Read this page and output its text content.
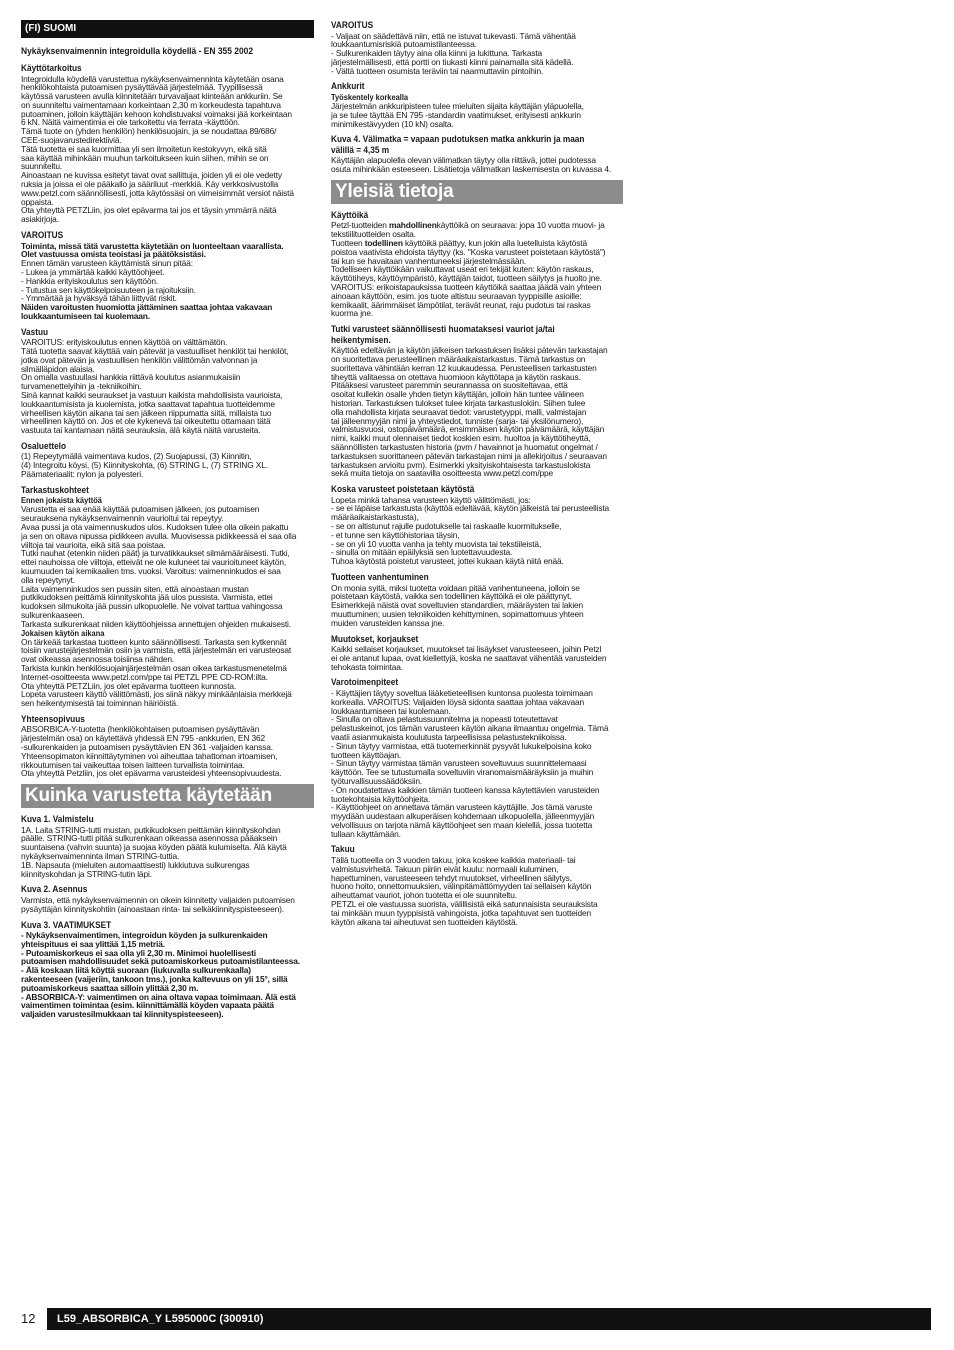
(FI) SUOMI
Nykäyksenvaimennin integroidulla köydellä - EN 355 2002
Käyttötarkoitus

Integroidulla köydellä varustettua nykäyksenvaimenninta käytetään osana
henkilökohtaista putoamisen pysäyttävää järjestelmää. Tyypillisessä
käytössä varusteen avulla kiinnitetään turvavaljaat kiinteään ankkuriin. Se
on suunniteltu vaimentamaan korkeintaan 2,30 m korkeudesta tapahtuva
putoaminen, jolloin käyttäjän kehoon kohdistuvaksi voimaksi jää korkeintaan
6 kN. Näitä vaimentimia ei ole tarkoitettu via ferrata -käyttöön.
Tämä tuote on (yhden henkilön) henkilösuojain, ja se noudattaa 89/686/
CEE-suojavarustedirektiiviä.
Tätä tuotetta ei saa kuormittaa yli sen ilmoitetun kestokyvyn, eikä sitä
saa käyttää mihinkään muuhun tarkoitukseen kuin siihen, mihin se on
suunniteltu.
Ainoastaan ne kuvissa esitetyt tavat ovat sallittuja, joiden yli ei ole vedetty
ruksia ja joissa ei ole pääkallo ja sääriluut -merkkiä. Käy verkkosivustolla
www.petzl.com säännöllisesti, jotta käytössäsi on viimeisimmät versiot näistä
oppaista.
Ota yhteyttä PETZLiin, jos olet epävarma tai jos et täysin ymmärrä näitä
asiakirjoja.

VAROITUS

Toiminta, missä tätä varustetta käytetään on luonteeltaan vaarallista.
Olet vastuussa omista teoistasi ja päätöksistäsi.

Ennen tämän varusteen käyttämistä sinun pitää:
- Lukea ja ymmärtää kaikki käyttöohjeet.
- Hankkia erityiskoulutus sen käyttöön.
- Tutustua sen käyttökelpoisuuteen ja rajoituksiin.
- Ymmärtää ja hyväksyä tähän liittyvät riskit.

Näiden varoitusten huomiotta jättäminen saattaa johtaa vakavaan
loukkaantumiseen tai kuolemaan.

Vastuu

VAROITUS: erityiskoulutus ennen käyttöä on välttämätön.
Tätä tuotetta saavat käyttää vain pätevät ja vastuulliset henkilöt tai henkilöt,
jotka ovat pätevän ja vastuullisen henkilön välittömän valvonnan ja
silmälläpidon alaisia.
On omalla vastuullasi hankkia riittävä koulutus asianmukaisiin
turvamenettelyihin ja -tekniikoihin.
Sinä kannat kaikki seuraukset ja vastuun kaikista mahdollisista vaurioista,
loukkaantumisista ja kuolemista, jotka saattavat tapahtua tuotteidemme
virheellisen käytön aikana tai sen jälkeen riippumatta siitä, millaista tuo
virheellinen käyttö on. Jos et ole kykenevä tai oikeutettu ottamaan tätä
vastuuta tai kantamaan näitä seurauksia, älä käytä näitä varusteita.

Osaluettelo

(1) Repeytymällä vaimentava kudos, (2) Suojapussi, (3) Kiinnitin,
(4) Integroitu köysi, (5) Kiinnityskohta, (6) STRING L, (7) STRING XL.
Päämateriaalit: nylon ja polyesteri.

Tarkastuskohteet
Ennen jokaista käyttöä

Varustetta ei saa enää käyttää putoamisen jälkeen, jos putoamisen
seurauksena nykäyksenvaimennin vaurioitui tai repeytyy.
Avaa pussi ja ota vaimennuskudos ulos. Kudoksen tulee olla oikein pakattu
ja sen on oltava nipussa pidikkeen avulla. Muovisessa pidikkeessä ei saa olla
viiltoja tai vaurioita, eikä sitä saa poistaa.
Tutki nauhat (etenkin niiden päät) ja turvatikkaukset silmämääräisesti. Tutki,
ettei nauhoissa ole viiltoja, etteivät ne ole kuluneet tai vaurioituneet käytön,
kuumuuden tai kemikaalien tms. vuoksi. Varoitus: vaimenninkudos ei saa
olla repeytynyt.
Laita vaimenninkudos sen pussiin siten, että ainoastaan mustan
putkikudoksen peittämä kiinnityskohta jää ulos pussista. Varmista, ettei
kudoksen silmukoita jää pussin ulkopuolelle. Ne voivat tarttua vahingossa
sulkurenkaaseen.
Tarkasta sulkurenkaat niiden käyttöohjeissa annettujen ohjeiden mukaisesti.

Jokaisen käytön aikana

On tärkeää tarkastaa tuotteen kunto säännöllisesti. Tarkasta sen kytkennät
toisiin varustejärjestelmän osiin ja varmista, että järjestelmän eri varusteosat
ovat oikeassa asennossa toisiinsa nähden.
Tarkista kunkin henkilösuojainjärjestelmän osan oikea tarkastusmenetelmä
Internet-osoitteesta www.petzl.com/ppe tai PETZL PPE CD-ROM:ilta.
Ota yhteyttä PETZLiin, jos olet epävarma tuotteen kunnosta.
Lopeta varusteen käyttö välittömästi, jos siinä näkyy minkäänlaisia merkkejä
sen heikentymisestä tai toiminnan häiriöistä.

Yhteensopivuus

ABSORBICA-Y-tuotetta (henkilökohtaisen putoamisen pysäyttävän
järjestelmän osa) on käytettävä yhdessä EN 795 -ankkurien, EN 362
-sulkurenkaiden ja putoamisen pysäyttävien EN 361 -valjaiden kanssa.
Yhteensopimaton kiinnittäytyminen voi aiheuttaa tahattoman irtoamisen,
rikkoutumisen tai vaikeuttaa toisen laitteen turvallista toimintaa.
Ota yhteyttä Petzliin, jos olet epävarma varusteidesi yhteensopivuudesta.

Kuinka varustetta käytetään
Kuva 1. Valmistelu

1A. Laita STRING-tutti mustan, putkikudoksen peittämän kiinnityskohdan
päälle. STRING-tutti pitää sulkurenkaan oikeassa asennossa pääaksein
suuntaisena (vahvin suunta) ja suojaa köyden päätä kulumiselta. Älä käytä
nykäyksenvaimenninta ilman STRING-tuttia.
1B. Napsauta (mieluiten automaattisesti) lukkiutuva sulkurengas
kiinnityskohdan ja STRING-tutin läpi.

Kuva 2. Asennus

Varmista, että nykäyksenvaimennin on oikein kiinnitetty valjaiden putoamisen
pysäyttäjän kiinnityskohtiin (ainoastaan rinta- tai selkäkiinnityspisteeseen).

Kuva 3. VAATIMUKSET

- Nykäyksenvaimentimen, integroidun köyden ja sulkurenkaiden
yhteispituus ei saa ylittää 1,15 metriä.
- Putoamiskorkeus ei saa olla yli 2,30 m. Minimoi huolellisesti
putoamisen mahdollisuudet sekä putoamiskorkeus putoamistilanteessa.
- Älä koskaan liitä köyttä suoraan (liukuvalla sulkurenkaalla)
rakenteeseen (vaijeriin, tankoon tms.), jonka kaltevuus on yli 15°, sillä
putoamiskorkeus saattaa silloin ylittää 2,30 m.
- ABSORBICA-Y: vaimentimen on aina oltava vapaa toimimaan. Älä estä
vaimentimen toimintaa (esim. kiinnittämällä köyden vapaata päätä
valjaiden varustesilmukkaan tai kiinnityspisteeseen).

VAROITUS

- Valjaat on säädettävä niin, että ne istuvat tukevasti. Tämä vähentää
loukkaantumisriskiä putoamistilanteessa.
- Sulkurenkaiden täytyy aina olla kiinni ja lukittuna. Tarkasta
järjestelmällisesti, että portti on tiukasti kiinni painamalla sitä kädellä.
- Vältä tuotteen osumista teräviin tai naarmuttaviin pintoihin.

Ankkurit
Työskentely korkealla

Järjestelmän ankkuripisteen tulee mieluiten sijaita käyttäjän yläpuolella,
ja se tulee täyttää EN 795 -standardin vaatimukset, erityisesti ankkurin
minimikestävyyden (10 kN) osalta.

Kuva 4. Välimatka = vapaan pudotuksen matka ankkurin ja maan
välillä = 4,35 m

Käyttäjän alapuolella olevan välimatkan täytyy olla riittävä, jottei pudotessa
osuta mihinkään esteeseen. Lisätietoja välimatkan laskemisesta on kuvassa 4.

Yleisiä tietoja
Käyttöikä

Petzl-tuotteiden mahdollinenkäyttöikä on seuraava: jopa 10 vuotta muovi- ja
tekstiilituotteiden osalta.
Tuotteen todellinen käyttöikä päättyy, kun jokin alla luetelluista käytöstä
poistoa vaativista ehdoista täyttyy (ks. "Koska varusteet poistetaan käytöstä")
tai kun se havaitaan vanhentuneeksi järjestelmässään.
Todelliseen käyttöikään vaikuttavat useat eri tekijät kuten: käytön raskaus,
käyttötiheys, käyttöympäristö, käyttäjän taidot, tuotteen säilytys ja huolto jne.
VAROITUS: erikoistapauksissa tuotteen käyttöikä saattaa jäädä vain yhteen
ainoaan käyttöön, esim. jos tuote altistuu seuraavan tyyppisille asioille:
kemikaalit, äärimmäiset lämpötilat, terävät reunat, raju pudotus tai raskas
kuorma jne.

Tutki varusteet säännöllisesti huomataksesi vauriot ja/tai
heikentymisen.

Käyttöä edeltävän ja käytön jälkeisen tarkastuksen lisäksi pätevän tarkastajan
on suoritettava perusteellinen määräaikaistarkastus. Tämä tarkastus on
suoritettava vähintään kerran 12 kuukaudessa. Perusteellisen tarkastusten
tiheyttä valitaessa on otettava huomioon käyttötapa ja käytön raskaus.
Pitääksesi varusteet paremmin seurannassa on suositeltavaa, että
osoitat kullekin osalle yhden tietyn käyttäjän, jolloin hän tuntee välineen
historian. Tarkastuksen tulokset tulee kirjata tarkastuslokiin. Siihen tulee
olla mahdollista kirjata seuraavat tiedot: varustetyyppi, malli, valmistajan
tai jälleenmyyjän nimi ja yhteystiedot, tunniste (sarja- tai yksilönumero),
valmistusvuosi, ostopäivämäärä, ensimmäisen käytön päivämäärä, käyttäjän
nimi, kaikki muut olennaiset tiedot koskien esim. huoltoa ja käyttötiheyttä,
säännöllisten tarkastusten historia (pvm / havainnot ja huomatut ongelmat /
tarkastuksen suorittaneen pätevän tarkastajan nimi ja allekirjoitus / seuraavan
tarkastuksen arvioitu pvm). Esimerkki yksityiskohtaisesta tarkastuslokista
sekä muita tietoja on saatavilla osoitteesta www.petzl.com/ppe

Koska varusteet poistetaan käytöstä

Lopeta minkä tahansa varusteen käyttö välittömästi, jos:
- se ei läpäise tarkastusta (käyttöä edeltävää, käytön jälkeistä tai perusteellista
määräaikaistarkastusta),
- se on altistunut rajulle pudotukselle tai raskaalle kuormitukselle,
- et tunne sen käyttöhistoriaa täysin,
- se on yli 10 vuotta vanha ja tehty muovista tai tekstiileistä,
- sinulla on mitään epäilyksiä sen luotettavuudesta.
Tuhoa käytöstä poistetut varusteet, jottei kukaan käytä niitä enää.

Tuotteen vanhentuminen

On monia syitä, miksi tuotetta voidaan pitää vanhentuneena, jolloin se
poistetaan käytöstä, vaikka sen todellinen käyttöikä ei ole päättynyt.
Esimerkkejä näistä ovat soveltuvien standardien, määräysten tai lakien
muuttuminen; uusien tekniikoiden kehittyminen, sopimattomuus yhteen
muiden varusteiden kanssa jne.

Muutokset, korjaukset

Kaikki sellaiset korjaukset, muutokset tai lisäykset varusteeseen, joihin Petzl
ei ole antanut lupaa, ovat kiellettyjä, koska ne saattavat vähentää varusteiden
tehokasta toimintaa.

Varotoimenpiteet

- Käyttäjien täytyy soveltua lääketieteellisen kuntonsa puolesta toimimaan
korkealla. VAROITUS: Valjaiden löysä sidonta saattaa johtaa vakavaan
loukkaantumiseen tai kuolemaan.
- Sinulla on oltava pelastussuunnitelma ja nopeasti toteutettavat
pelastuskeinot, jos tämän varusteen käytön aikana ilmaantuu ongelmia. Tämä
vaatii asianmukaista koulutusta tarpeellisissa pelastustekniikoissa.
- Sinun täytyy varmistaa, että tuotemerkinnät pysyvät lukukelpoisina koko
tuotteen käyttöajan.
- Sinun täytyy varmistaa tämän varusteen soveltuvuus suunnittelemaasi
käyttöön. Tee se tutustumalla soveltuviin viranomaismääräyksiin ja muihin
työturvallisuussäädöksiin.
- On noudatettava kaikkien tämän tuotteen kanssa käytettävien varusteiden
tuotekohtaisia käyttöohjeita.
- Käyttöohjeet on annettava tämän varusteen käyttäjille. Jos tämä varuste
myydään uudestaan alkuperäisen kohdemaan ulkopuolella, jälleenmyyjän
velvollisuus on tarjota nämä käyttöohjeet sen maan kielellä, jossa tuotetta
tullaan käyttämään.

Takuu

Tällä tuotteella on 3 vuoden takuu, joka koskee kaikkia materiaali- tai
valmistusvirheitä. Takuun piiriin eivät kuulu: normaali kuluminen,
hapettuminen, varusteeseen tehdyt muutokset, virheellinen säilytys,
huono hoito, onnettomuuksien, välinpitämättömyyden tai sellaisen käytön
aiheuttamat vauriot, johon tuotetta ei ole suunniteltu.
PETZL ei ole vastuussa suorista, välillisistä eikä satunnaisista seurauksista
tai minkään muun tyyppisistä vahingoista, jotka tapahtuvat sen tuotteiden
käytön aikana tai aiheutuvat sen tuotteiden käytöstä.

12	L59_ABSORBICA_Y L595000C (300910)
